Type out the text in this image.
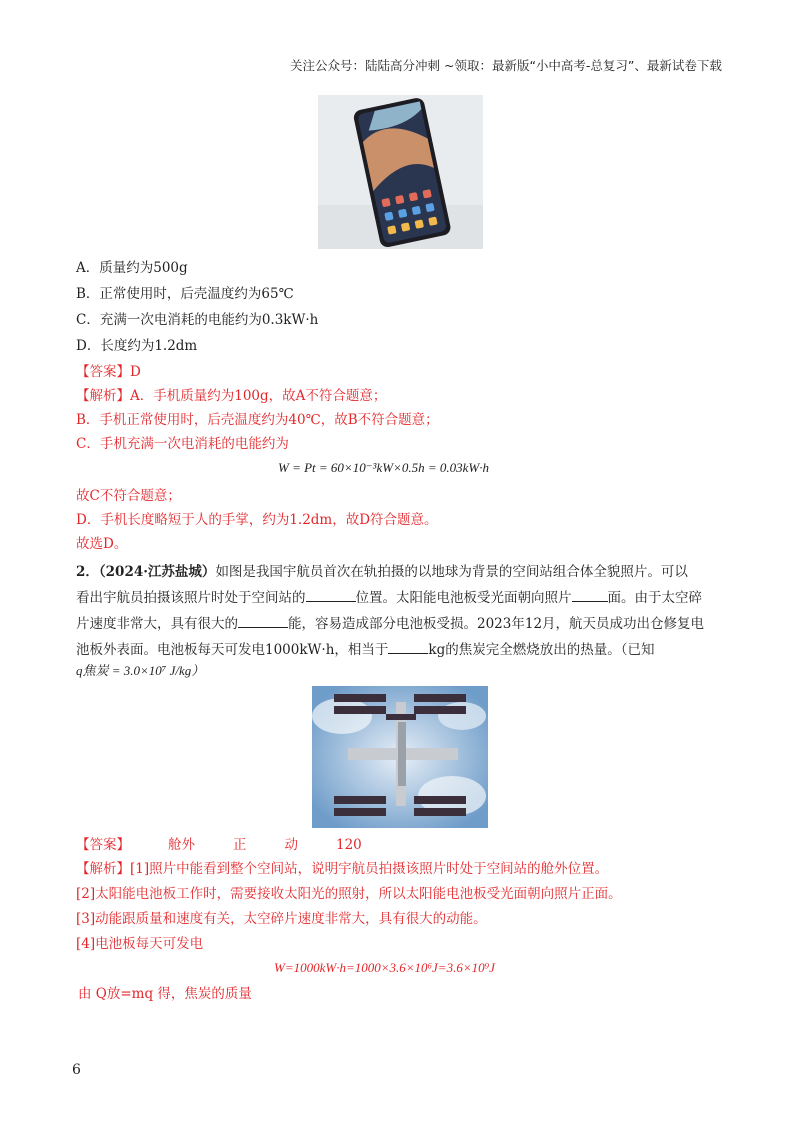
关注公众号：陆陆高分冲刺 ~领取：最新版“小中高考-总复习”、最新试卷下载
A．质量约为500g
B．正常使用时，后壳温度约为65℃
C．充满一次电消耗的电能约为0.3kW·h
D．长度约为1.2dm
【答案】D
【解析】A．手机质量约为100g，故A不符合题意；
B．手机正常使用时，后壳温度约为40℃，故B不符合题意；
C．手机充满一次电消耗的电能约为
W = Pt = 60×10⁻³kW×0.5h = 0.03kW·h
故C不符合题意；
D．手机长度略短于人的手掌，约为1.2dm，故D符合题意。
故选D。
2．（2024·江苏盐城）如图是我国宇航员首次在轨拍摄的以地球为背景的空间站组合体全貌照片。可以
看出宇航员拍摄该照片时处于空间站的	位置。太阳能电池板受光面朝向照片	面。由于太空碎
片速度非常大，具有很大的	能，容易造成部分电池板受损。2023年12月，航天员成功出仓修复电
池板外表面。电池板每天可发电1000kW·h，相当于	kg的焦炭完全燃烧放出的热量。（已知
q焦炭 = 3.0×10⁷ J/kg）
【答案】	舱外	正	动	120
【解析】[1]照片中能看到整个空间站，说明宇航员拍摄该照片时处于空间站的舱外位置。
[2]太阳能电池板工作时，需要接收太阳光的照射，所以太阳能电池板受光面朝向照片正面。
[3]动能跟质量和速度有关，太空碎片速度非常大，具有很大的动能。
[4]电池板每天可发电
W=1000kW·h=1000×3.6×10⁶J=3.6×10⁹J
由 Q放=mq 得，焦炭的质量
6
